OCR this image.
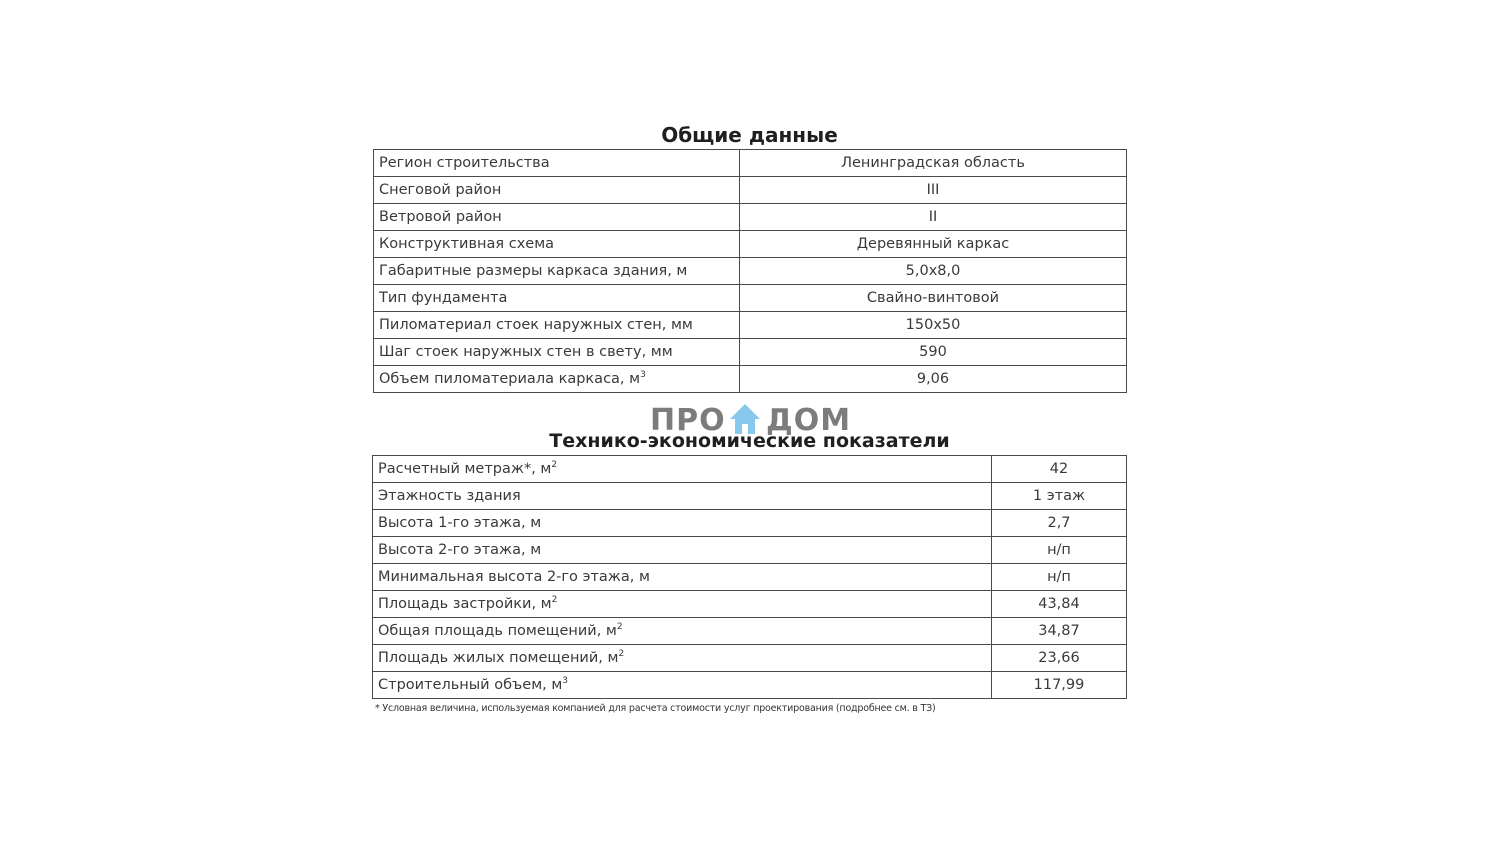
Общие данные
Регион строительства	Ленинградская область
Снеговой район	III
Ветровой район	II
Конструктивная схема	Деревянный каркас
Габаритные размеры каркаса здания, м	5,0х8,0
Тип фундамента	Свайно-винтовой
Пиломатериал стоек наружных стен, мм	150х50
Шаг стоек наружных стен в свету, мм	590
Объем пиломатериала каркаса, $м^3$	9,06
ПРО ДОМ
Технико-экономические показатели
Расчетный метраж*, $м^2$	42
Этажность здания	1 этаж
Высота 1-го этажа, м	2,7
Высота 2-го этажа, м	н/п
Минимальная высота 2-го этажа, м	н/п
Площадь застройки, $м^2$	43,84
Общая площадь помещений, $м^2$	34,87
Площадь жилых помещений, $м^2$	23,66
Строительный объем, $м^3$	117,99
* Условная величина, используемая компанией для расчета стоимости услуг проектирования (подробнее см. в ТЗ)
